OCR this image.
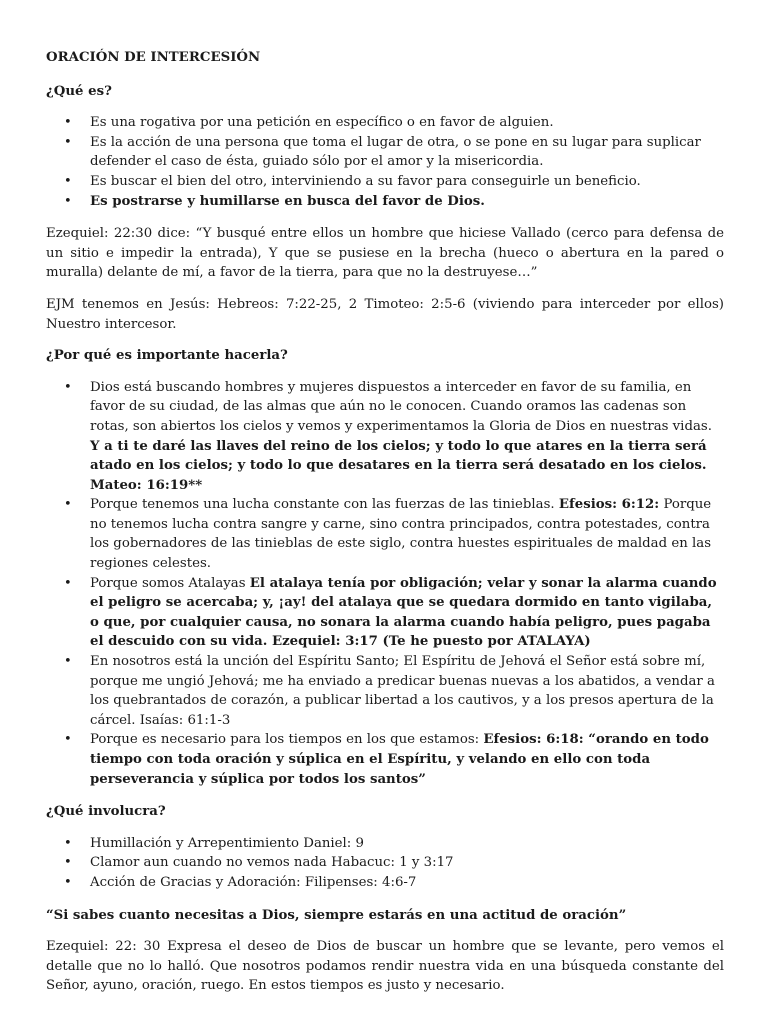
ORACIÓN DE INTERCESIÓN
¿Qué es?
• Es una rogativa por una petición en específico o en favor de alguien.
• Es la acción de una persona que toma el lugar de otra, o se pone en su lugar para suplicar defender el caso de ésta, guiado sólo por el amor y la misericordia.
• Es buscar el bien del otro, interviniendo a su favor para conseguirle un beneficio.
• Es postrarse y humillarse en busca del favor de Dios.

Ezequiel: 22:30 dice: “Y busqué entre ellos un hombre que hiciese Vallado (cerco para defensa de un sitio e impedir la entrada), Y que se pusiese en la brecha (hueco o abertura en la pared o muralla) delante de mí, a favor de la tierra, para que no la destruyese…”

EJM tenemos en Jesús: Hebreos: 7:22-25, 2 Timoteo: 2:5-6 (viviendo para interceder por ellos) Nuestro intercesor.

¿Por qué es importante hacerla?
• Dios está buscando hombres y mujeres dispuestos a interceder en favor de su familia, en favor de su ciudad, de las almas que aún no le conocen. Cuando oramos las cadenas son rotas, son abiertos los cielos y vemos y experimentamos la Gloria de Dios en nuestras vidas. Y a ti te daré las llaves del reino de los cielos; y todo lo que atares en la tierra será atado en los cielos; y todo lo que desatares en la tierra será desatado en los cielos. Mateo: 16:19**
• Porque tenemos una lucha constante con las fuerzas de las tinieblas. Efesios: 6:12: Porque no tenemos lucha contra sangre y carne, sino contra principados, contra potestades, contra los gobernadores de las tinieblas de este siglo, contra huestes espirituales de maldad en las regiones celestes.
• Porque somos Atalayas El atalaya tenía por obligación; velar y sonar la alarma cuando el peligro se acercaba; y, ¡ay! del atalaya que se quedara dormido en tanto vigilaba, o que, por cualquier causa, no sonara la alarma cuando había peligro, pues pagaba el descuido con su vida. Ezequiel: 3:17 (Te he puesto por ATALAYA)
• En nosotros está la unción del Espíritu Santo; El Espíritu de Jehová el Señor está sobre mí, porque me ungió Jehová; me ha enviado a predicar buenas nuevas a los abatidos, a vendar a los quebrantados de corazón, a publicar libertad a los cautivos, y a los presos apertura de la cárcel. Isaías: 61:1-3
• Porque es necesario para los tiempos en los que estamos: Efesios: 6:18: “orando en todo tiempo con toda oración y súplica en el Espíritu, y velando en ello con toda perseverancia y súplica por todos los santos”
¿Qué involucra?
• Humillación y Arrepentimiento Daniel: 9
• Clamor aun cuando no vemos nada Habacuc: 1 y 3:17
• Acción de Gracias y Adoración: Filipenses: 4:6-7

“Si sabes cuanto necesitas a Dios, siempre estarás en una actitud de oración”

Ezequiel: 22: 30 Expresa el deseo de Dios de buscar un hombre que se levante, pero vemos el detalle que no lo halló. Que nosotros podamos rendir nuestra vida en una búsqueda constante del Señor, ayuno, oración, ruego. En estos tiempos es justo y necesario.
